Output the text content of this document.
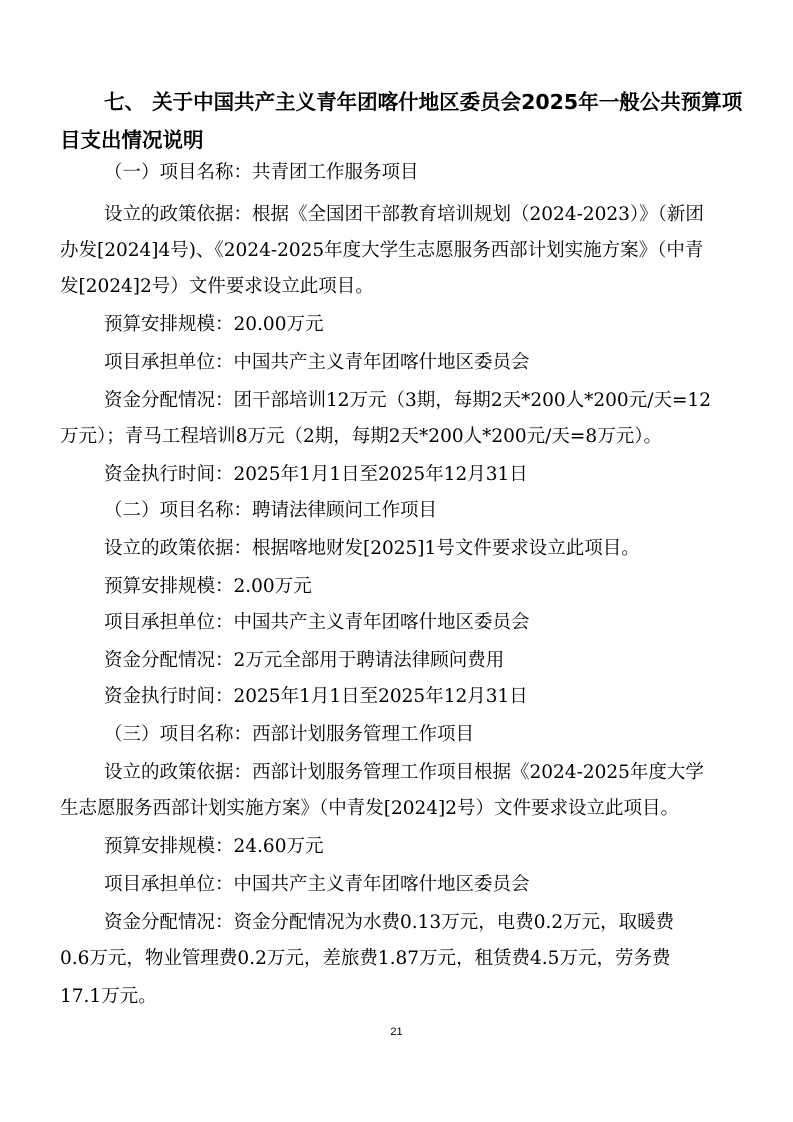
七、 关于中国共产主义青年团喀什地区委员会2025年一般公共预算项
目支出情况说明
（一）项目名称：共青团工作服务项目
设立的政策依据：根据《全国团干部教育培训规划（2024-2023）》（新团
办发[2024]4号)、《2024-2025年度大学生志愿服务西部计划实施方案》（中青
发[2024]2号）文件要求设立此项目。
预算安排规模：20.00万元
项目承担单位：中国共产主义青年团喀什地区委员会
资金分配情况：团干部培训12万元（3期，每期2天*200人*200元/天=12
万元）；青马工程培训8万元（2期，每期2天*200人*200元/天=8万元）。
资金执行时间：2025年1月1日至2025年12月31日
（二）项目名称：聘请法律顾问工作项目
设立的政策依据：根据喀地财发[2025]1号文件要求设立此项目。
预算安排规模：2.00万元
项目承担单位：中国共产主义青年团喀什地区委员会
资金分配情况：2万元全部用于聘请法律顾问费用
资金执行时间：2025年1月1日至2025年12月31日
（三）项目名称：西部计划服务管理工作项目
设立的政策依据：西部计划服务管理工作项目根据《2024-2025年度大学
生志愿服务西部计划实施方案》（中青发[2024]2号）文件要求设立此项目。
预算安排规模：24.60万元
项目承担单位：中国共产主义青年团喀什地区委员会
资金分配情况：资金分配情况为水费0.13万元，电费0.2万元，取暖费
0.6万元，物业管理费0.2万元，差旅费1.87万元，租赁费4.5万元，劳务费
17.1万元。
21
